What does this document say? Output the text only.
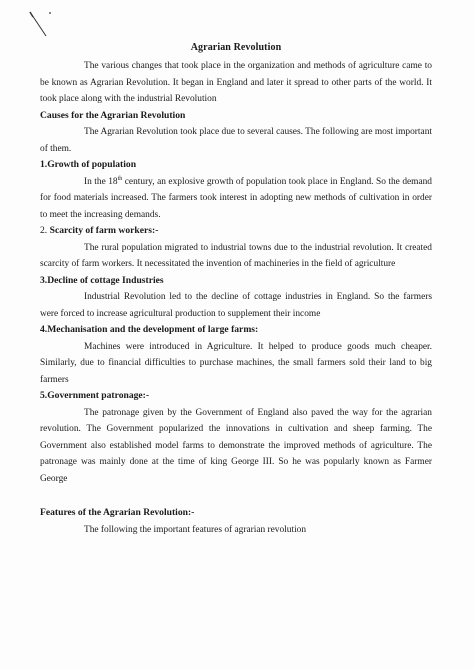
Agrarian Revolution

The various changes that took place in the organization and methods of agriculture came to be known as Agrarian Revolution. It began in England and later it spread to other parts of the world. It took place along with the industrial Revolution

Causes for the Agrarian Revolution

The Agrarian Revolution took place due to several causes. The following are most important of them.

1.Growth of population

In the 18th century, an explosive growth of population took place in England. So the demand for food materials increased. The farmers took interest in adopting new methods of cultivation in order to meet the increasing demands.

2. Scarcity of farm workers:-

The rural population migrated to industrial towns due to the industrial revolution. It created scarcity of farm workers. It necessitated the invention of machineries in the field of agriculture

3.Decline of cottage Industries

Industrial Revolution led to the decline of cottage industries in England. So the farmers were forced to increase agricultural production to supplement their income

4.Mechanisation and the development of large farms:

Machines were introduced in Agriculture. It helped to produce goods much cheaper. Similarly, due to financial difficulties to purchase machines, the small farmers sold their land to big farmers

5.Government patronage:-

The patronage given by the Government of England also paved the way for the agrarian revolution. The Government popularized the innovations in cultivation and sheep farming. The Government also established model farms to demonstrate the improved methods of agriculture. The patronage was mainly done at the time of king George III. So he was popularly known as Farmer George

Features of the Agrarian Revolution:-

The following the important features of agrarian revolution
